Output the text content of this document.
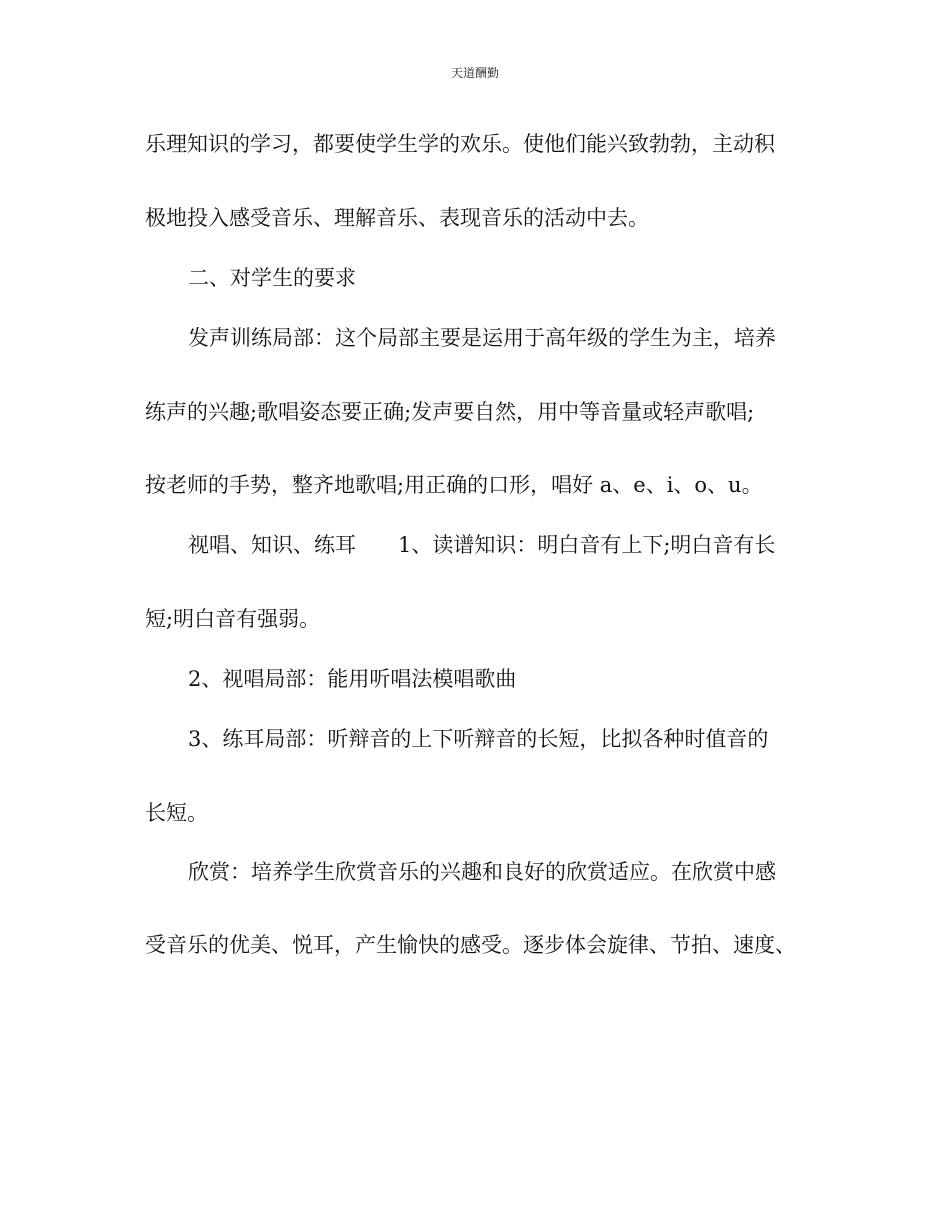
天道酬勤
乐理知识的学习，都要使学生学的欢乐。使他们能兴致勃勃，主动积
极地投入感受音乐、理解音乐、表现音乐的活动中去。
二、对学生的要求
发声训练局部：这个局部主要是运用于高年级的学生为主，培养
练声的兴趣;歌唱姿态要正确;发声要自然，用中等音量或轻声歌唱;
按老师的手势，整齐地歌唱;用正确的口形，唱好 a、e、i、o、u。
视唱、知识、练耳 1、读谱知识：明白音有上下;明白音有长
短;明白音有强弱。
2、视唱局部：能用听唱法模唱歌曲
3、练耳局部：听辩音的上下听辩音的长短，比拟各种时值音的
长短。
欣赏：培养学生欣赏音乐的兴趣和良好的欣赏适应。在欣赏中感
受音乐的优美、悦耳，产生愉快的感受。逐步体会旋律、节拍、速度、
